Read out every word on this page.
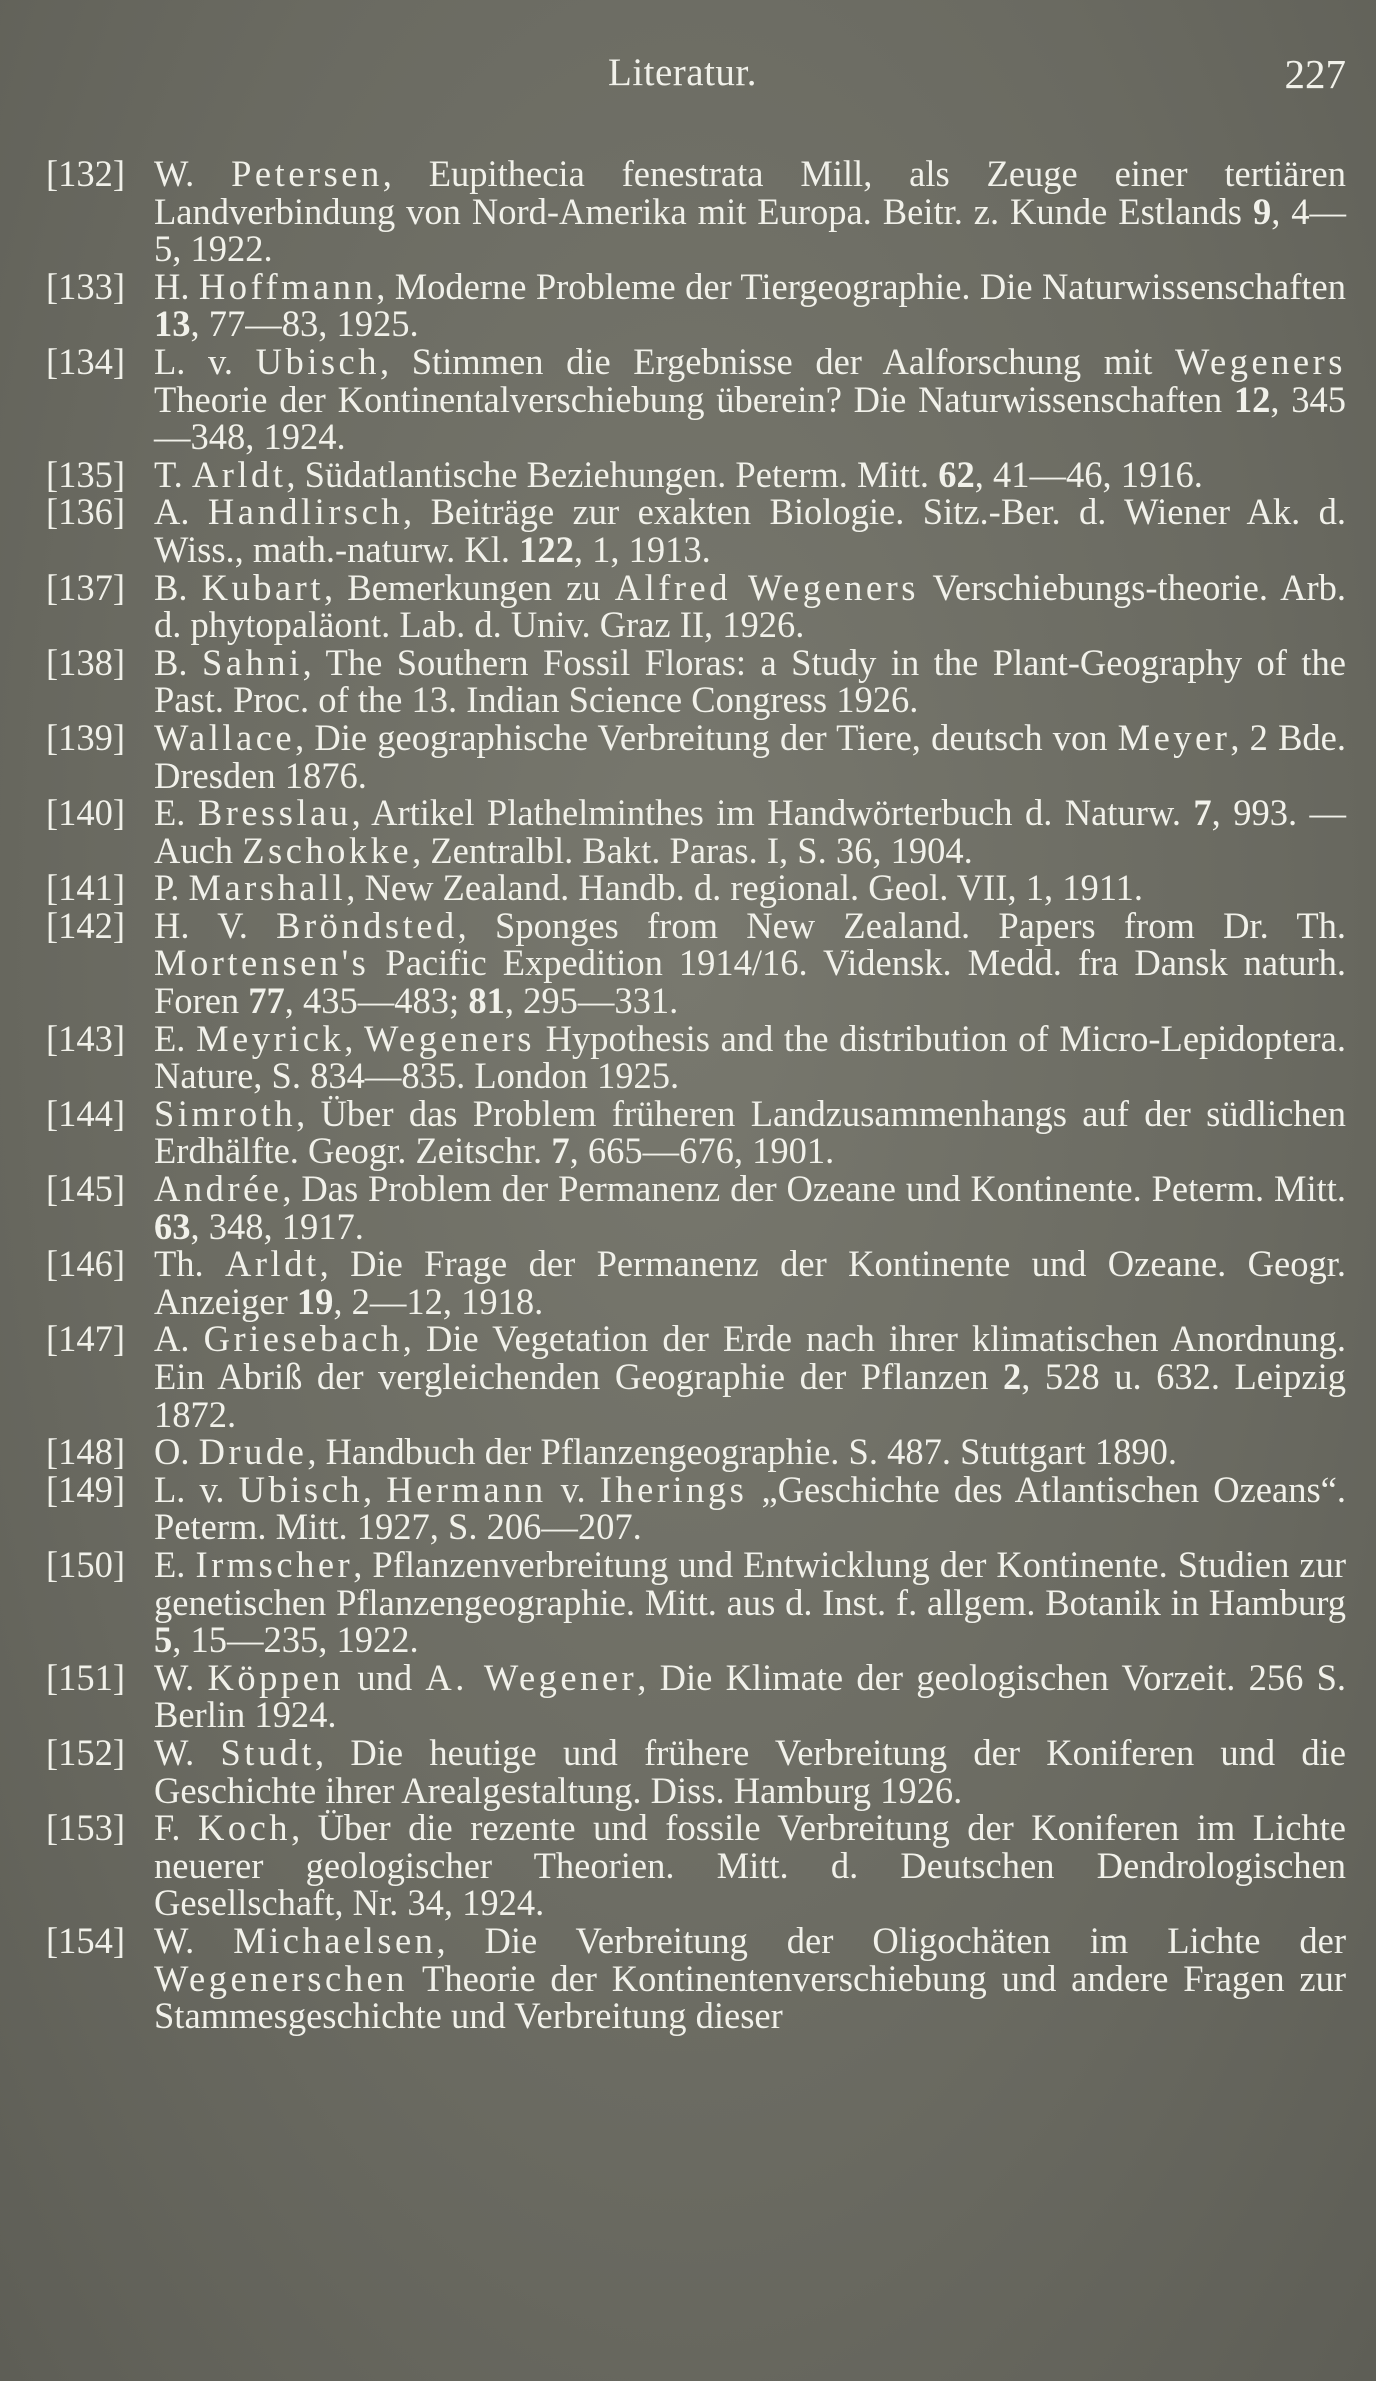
Literatur.	227
[132] W. Petersen, Eupithecia fenestrata Mill, als Zeuge einer tertiären Landverbindung von Nord-Amerika mit Europa. Beitr. z. Kunde Estlands 9, 4—5, 1922.
[133] H. Hoffmann, Moderne Probleme der Tiergeographie. Die Naturwissenschaften 13, 77—83, 1925.
[134] L. v. Ubisch, Stimmen die Ergebnisse der Aalforschung mit Wegeners Theorie der Kontinentalverschiebung überein? Die Naturwissenschaften 12, 345—348, 1924.
[135] T. Arldt, Südatlantische Beziehungen. Peterm. Mitt. 62, 41—46, 1916.
[136] A. Handlirsch, Beiträge zur exakten Biologie. Sitz.-Ber. d. Wiener Ak. d. Wiss., math.-naturw. Kl. 122, 1, 1913.
[137] B. Kubart, Bemerkungen zu Alfred Wegeners Verschiebungs-theorie. Arb. d. phytopaläont. Lab. d. Univ. Graz II, 1926.
[138] B. Sahni, The Southern Fossil Floras: a Study in the Plant-Geography of the Past. Proc. of the 13. Indian Science Congress 1926.
[139] Wallace, Die geographische Verbreitung der Tiere, deutsch von Meyer, 2 Bde. Dresden 1876.
[140] E. Bresslau, Artikel Plathelminthes im Handwörterbuch d. Naturw. 7, 993. — Auch Zschokke, Zentralbl. Bakt. Paras. I, S. 36, 1904.
[141] P. Marshall, New Zealand. Handb. d. regional. Geol. VII, 1, 1911.
[142] H. V. Bröndsted, Sponges from New Zealand. Papers from Dr. Th. Mortensen's Pacific Expedition 1914/16. Vidensk. Medd. fra Dansk naturh. Foren 77, 435—483; 81, 295—331.
[143] E. Meyrick, Wegeners Hypothesis and the distribution of Micro-Lepidoptera. Nature, S. 834—835. London 1925.
[144] Simroth, Über das Problem früheren Landzusammenhangs auf der südlichen Erdhälfte. Geogr. Zeitschr. 7, 665—676, 1901.
[145] Andrée, Das Problem der Permanenz der Ozeane und Kontinente. Peterm. Mitt. 63, 348, 1917.
[146] Th. Arldt, Die Frage der Permanenz der Kontinente und Ozeane. Geogr. Anzeiger 19, 2—12, 1918.
[147] A. Griesebach, Die Vegetation der Erde nach ihrer klimatischen Anordnung. Ein Abriß der vergleichenden Geographie der Pflanzen 2, 528 u. 632. Leipzig 1872.
[148] O. Drude, Handbuch der Pflanzengeographie. S. 487. Stuttgart 1890.
[149] L. v. Ubisch, Hermann v. Iherings „Geschichte des Atlantischen Ozeans“. Peterm. Mitt. 1927, S. 206—207.
[150] E. Irmscher, Pflanzenverbreitung und Entwicklung der Kontinente. Studien zur genetischen Pflanzengeographie. Mitt. aus d. Inst. f. allgem. Botanik in Hamburg 5, 15—235, 1922.
[151] W. Köppen und A. Wegener, Die Klimate der geologischen Vorzeit. 256 S. Berlin 1924.
[152] W. Studt, Die heutige und frühere Verbreitung der Koniferen und die Geschichte ihrer Arealgestaltung. Diss. Hamburg 1926.
[153] F. Koch, Über die rezente und fossile Verbreitung der Koniferen im Lichte neuerer geologischer Theorien. Mitt. d. Deutschen Dendrologischen Gesellschaft, Nr. 34, 1924.
[154] W. Michaelsen, Die Verbreitung der Oligochäten im Lichte der Wegenerschen Theorie der Kontinentenverschiebung und andere Fragen zur Stammesgeschichte und Verbreitung dieser
